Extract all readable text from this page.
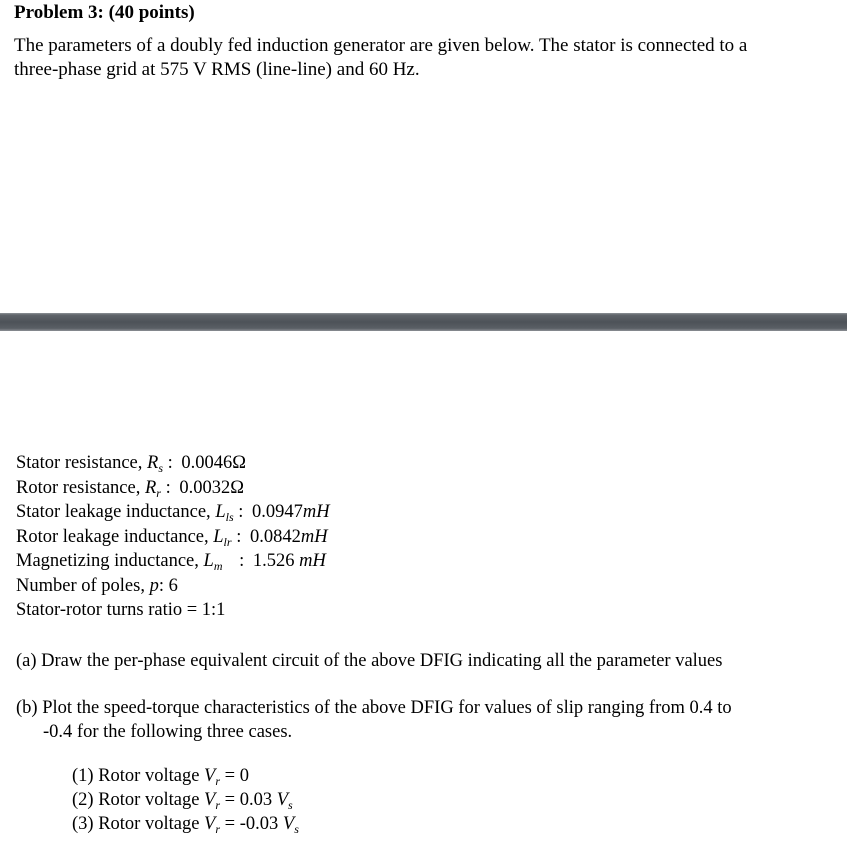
Problem 3: (40 points)
The parameters of a doubly fed induction generator are given below. The stator is connected to a
three-phase grid at 575 V RMS (line-line) and 60 Hz.
Stator resistance, $R_s$ : 0.0046Ω
Rotor resistance, $R_r$ : 0.0032Ω
Stator leakage inductance, $L_{ls}$ : 0.0947mH
Rotor leakage inductance, $L_{lr}$ : 0.0842mH
Magnetizing inductance, $L_m$ : 1.526 mH
Number of poles, p: 6
Stator-rotor turns ratio = 1:1
(a) Draw the per-phase equivalent circuit of the above DFIG indicating all the parameter values
(b) Plot the speed-torque characteristics of the above DFIG for values of slip ranging from 0.4 to
-0.4 for the following three cases.
(1) Rotor voltage $V_r = 0$
(2) Rotor voltage $V_r = 0.03$ $V_s$
(3) Rotor voltage $V_r = -0.03$ $V_s$
